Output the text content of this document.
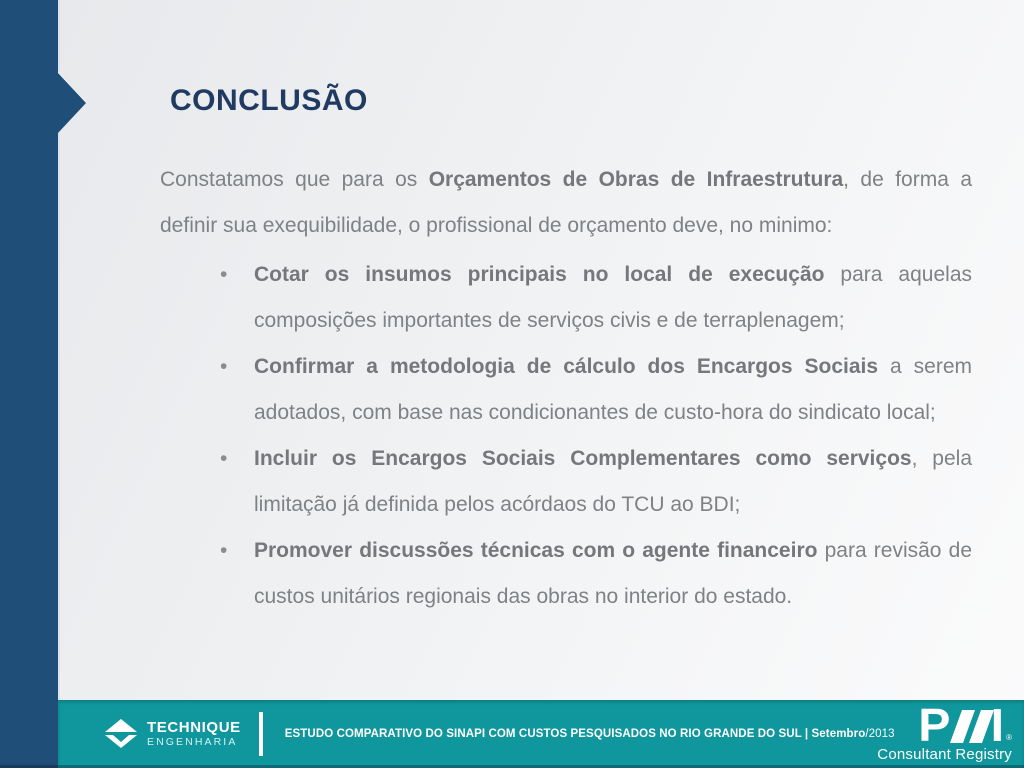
CONCLUSÃO

Constatamos que para os Orçamentos de Obras de Infraestrutura, de forma a definir sua exequibilidade, o profissional de orçamento deve, no minimo:

• Cotar os insumos principais no local de execução para aquelas composições importantes de serviços civis e de terraplenagem;
• Confirmar a metodologia de cálculo dos Encargos Sociais a serem adotados, com base nas condicionantes de custo-hora do sindicato local;
• Incluir os Encargos Sociais Complementares como serviços, pela limitação já definida pelos acórdaos do TCU ao BDI;
• Promover discussões técnicas com o agente financeiro para revisão de custos unitários regionais das obras no interior do estado.
TECHNIQUE
ENGENHARIA
ESTUDO COMPARATIVO DO SINAPI COM CUSTOS PESQUISADOS NO RIO GRANDE DO SUL | Setembro/2013 P I ®
Consultant Registry
